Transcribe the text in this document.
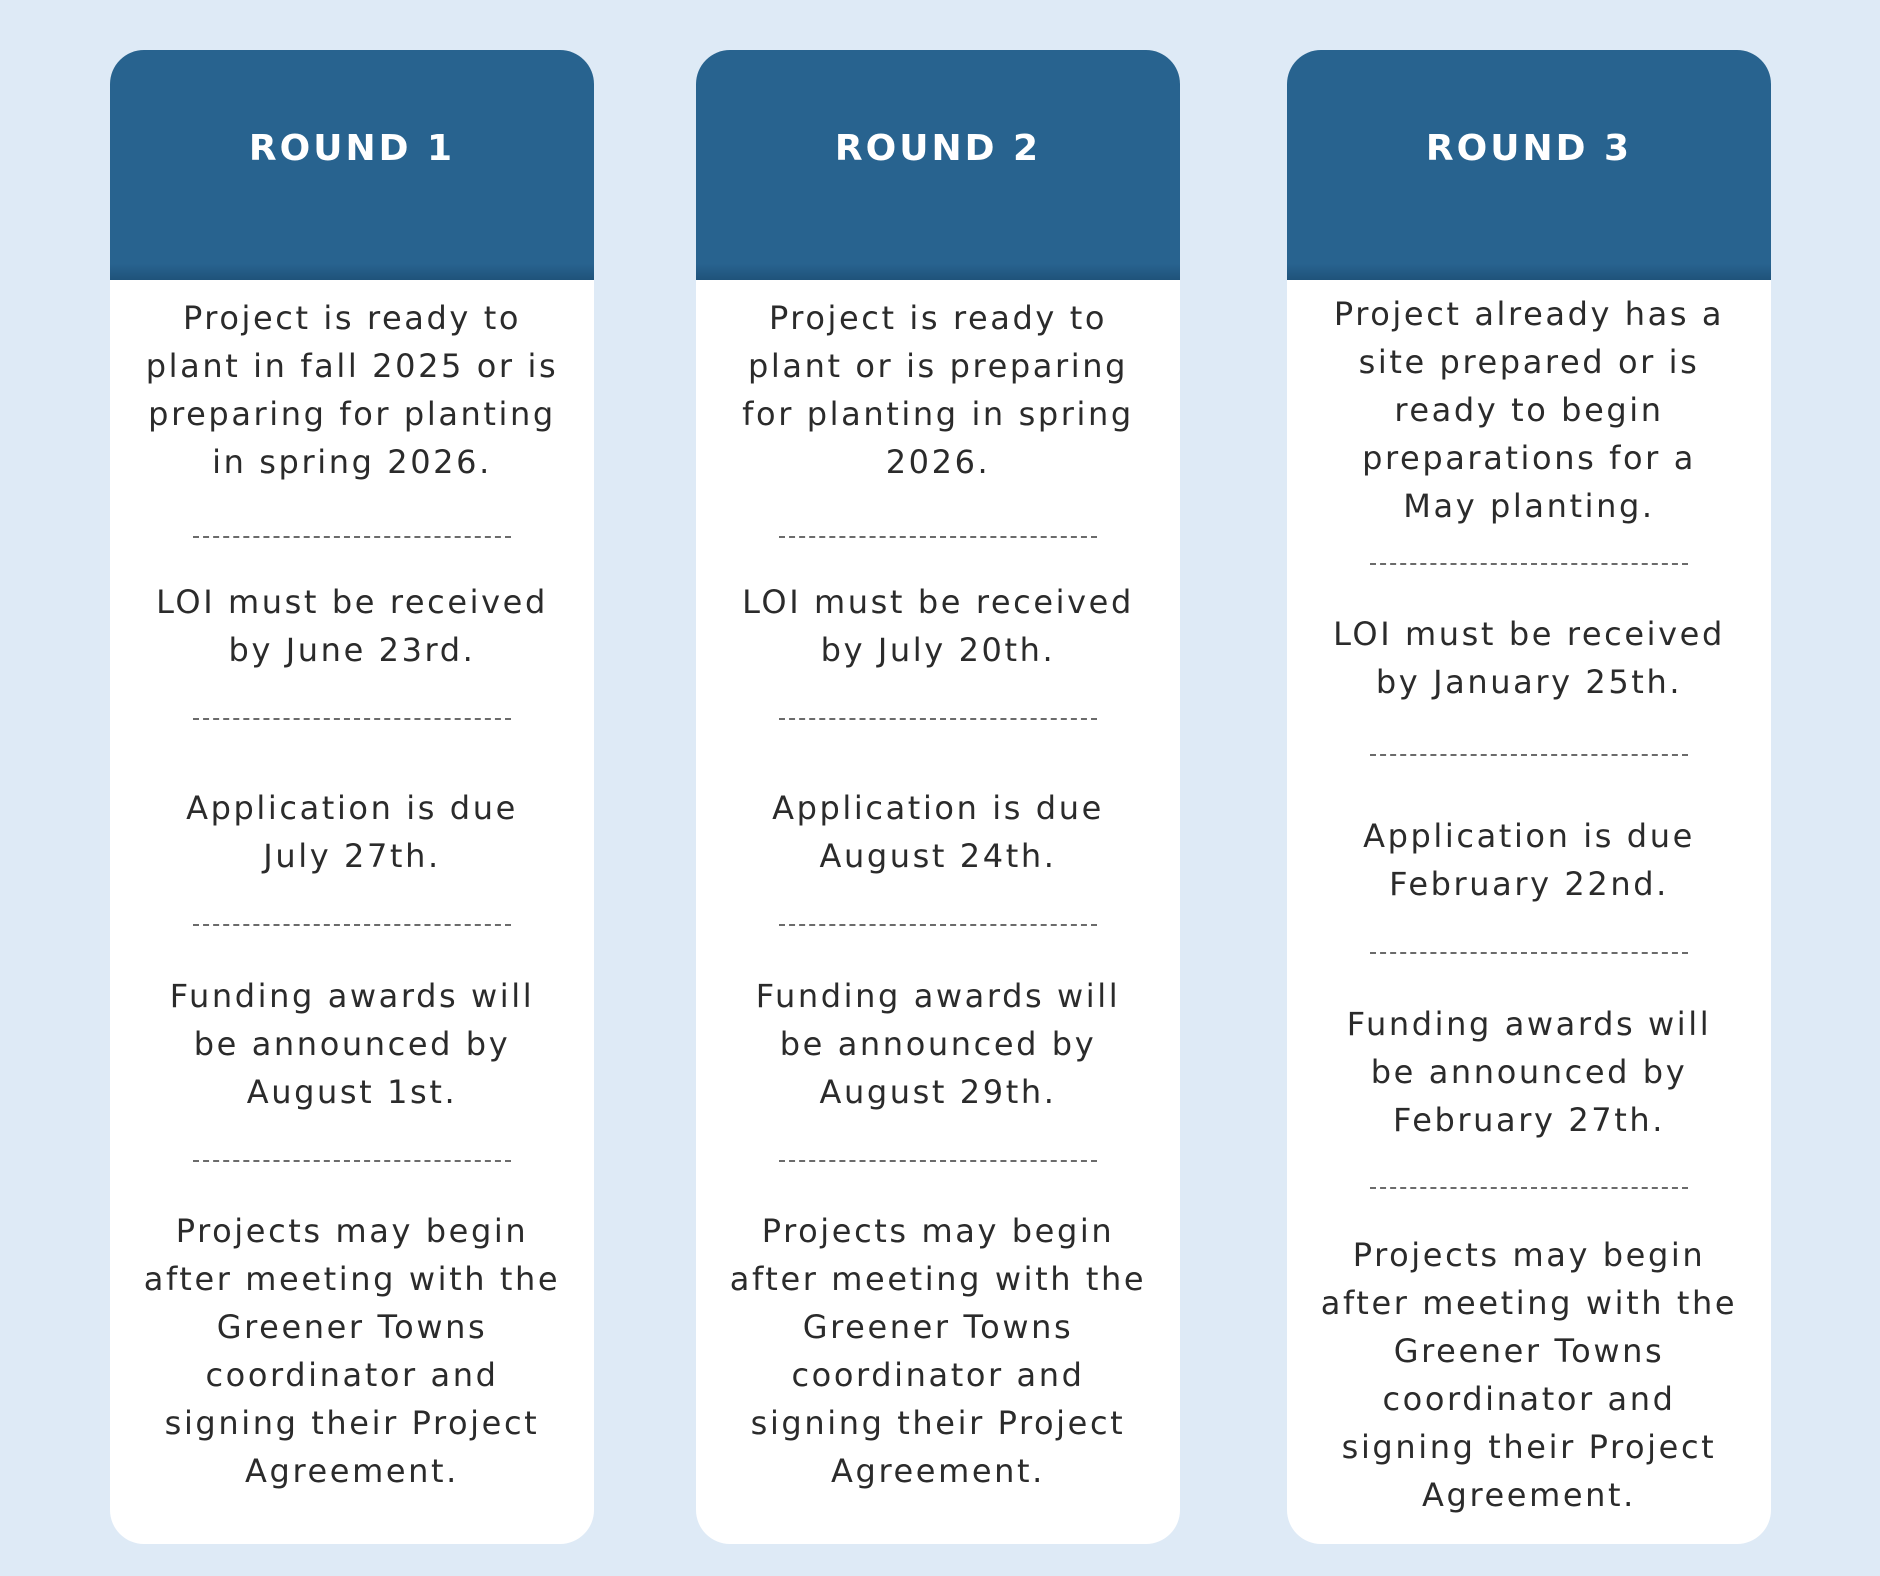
ROUND 1
Project is ready to
plant in fall 2025 or is
preparing for planting
in spring 2026.
LOI must be received
by June 23rd.
Application is due
July 27th.
Funding awards will
be announced by
August 1st.
Projects may begin
after meeting with the
Greener Towns
coordinator and
signing their Project
Agreement.
ROUND 2
Project is ready to
plant or is preparing
for planting in spring
2026.
LOI must be received
by July 20th.
Application is due
August 24th.
Funding awards will
be announced by
August 29th.
Projects may begin
after meeting with the
Greener Towns
coordinator and
signing their Project
Agreement.
ROUND 3
Project already has a
site prepared or is
ready to begin
preparations for a
May planting.
LOI must be received
by January 25th.
Application is due
February 22nd.
Funding awards will
be announced by
February 27th.
Projects may begin
after meeting with the
Greener Towns
coordinator and
signing their Project
Agreement.
